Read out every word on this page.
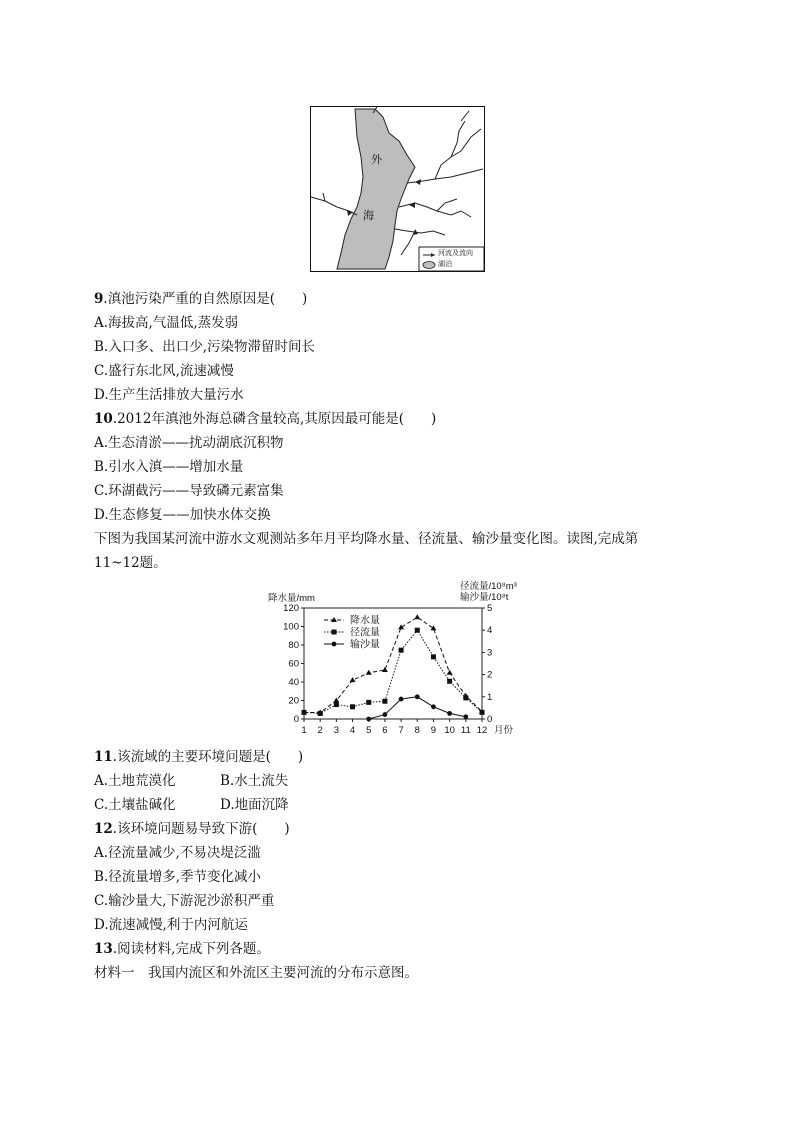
外
海
河流及流向
湖泊
9.滇池污染严重的自然原因是(　　)
A.海拔高,气温低,蒸发弱
B.入口多、出口少,污染物滞留时间长
C.盛行东北风,流速减慢
D.生产生活排放大量污水
10.2012年滇池外海总磷含量较高,其原因最可能是(　　)
A.生态清淤——扰动湖底沉积物
B.引水入滇——增加水量
C.环湖截污——导致磷元素富集
D.生态修复——加快水体交换
下图为我国某河流中游水文观测站多年月平均降水量、径流量、输沙量变化图。读图,完成第
11~12题。
0
20
40
60
80
100
120
0
1
2
3
4
5
1 2 3 4 5 6 7 8 9 10 11 12 月份
降水量
径流量
输沙量
降水量/mm
径流量/10⁸m³
输沙量/10⁸t
11.该流域的主要环境问题是(　　)
A.土地荒漠化	B.水土流失
C.土壤盐碱化	D.地面沉降
12.该环境问题易导致下游(　　)
A.径流量减少,不易决堤泛滥
B.径流量增多,季节变化减小
C.输沙量大,下游泥沙淤积严重
D.流速减慢,利于内河航运
13.阅读材料,完成下列各题。
材料一　我国内流区和外流区主要河流的分布示意图。
